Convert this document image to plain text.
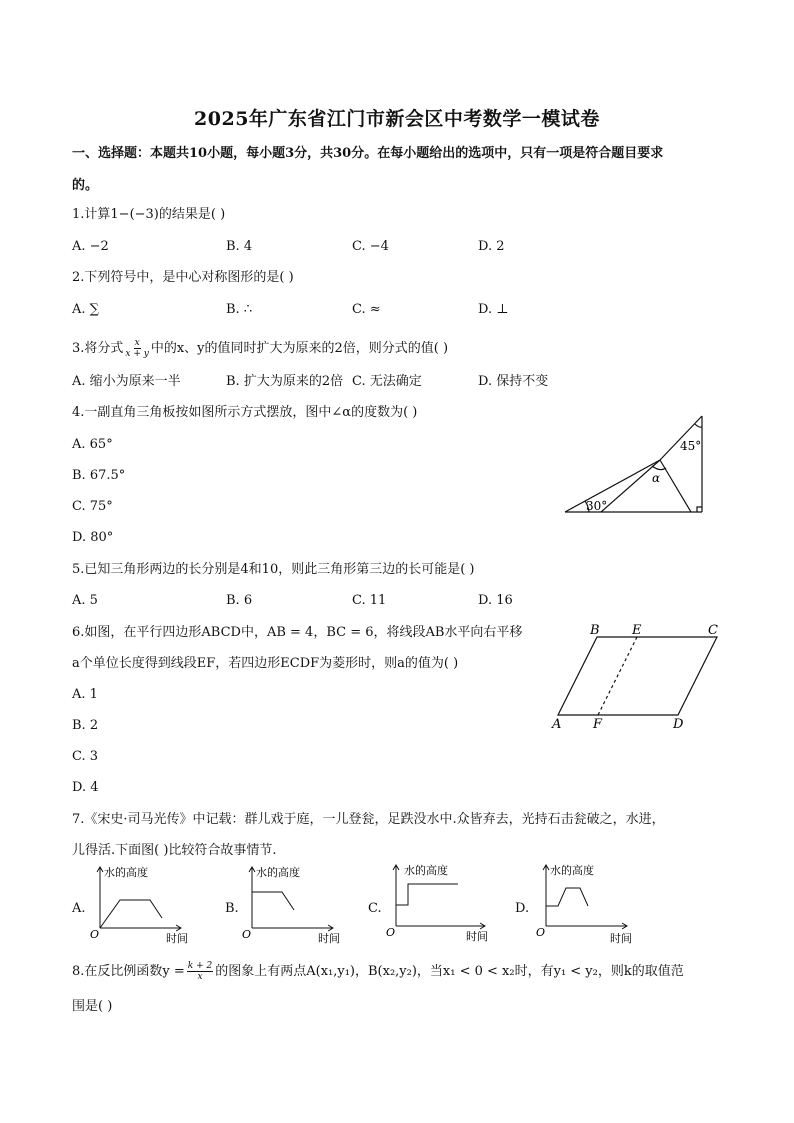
2025年广东省江门市新会区中考数学一模试卷
一、选择题：本题共10小题，每小题3分，共30分。在每小题给出的选项中，只有一项是符合题目要求
的。
1.计算1−(−3)的结果是( )
A. −2	B. 4	C. −4	D. 2
2.下列符号中，是中心对称图形的是( )
A. ∑	B. ∴	C. ≈	D. ⊥
3.将分式 $\frac{x}{x + y}$ 中的x、y的值同时扩大为原来的2倍，则分式的值( )
A. 缩小为原来一半	B. 扩大为原来的2倍 C. 无法确定	D. 保持不变
4.一副直角三角板按如图所示方式摆放，图中∠α的度数为( )
A. 65°
B. 67.5°
C. 75°
D. 80°
45°
α
30°
5.已知三角形两边的长分别是4和10，则此三角形第三边的长可能是( )
A. 5	B. 6	C. 11	D. 16
6.如图，在平行四边形ABCD中，AB = 4，BC = 6，将线段AB水平向右平移
a个单位长度得到线段EF，若四边形ECDF为菱形时，则a的值为( )
A. 1
B. 2
C. 3
D. 4
B E	C
A F	D
7.《宋史·司马光传》中记载：群儿戏于庭，一儿登瓮，足跌没水中.众皆弃去，光持石击瓮破之，水进，
儿得活.下面图( )比较符合故事情节.
A.
水的高度
O	时间
B.
水的高度
O	时间
C.
水的高度
O	时间
D.
水的高度
O	时间
8.在反比例函数$y = \frac{k + 2}{x}$ 的图象上有两点A(x₁,y₁)，B(x₂,y₂)，当x₁ < 0 < x₂时，有y₁ < y₂，则k的取值范
围是( )
